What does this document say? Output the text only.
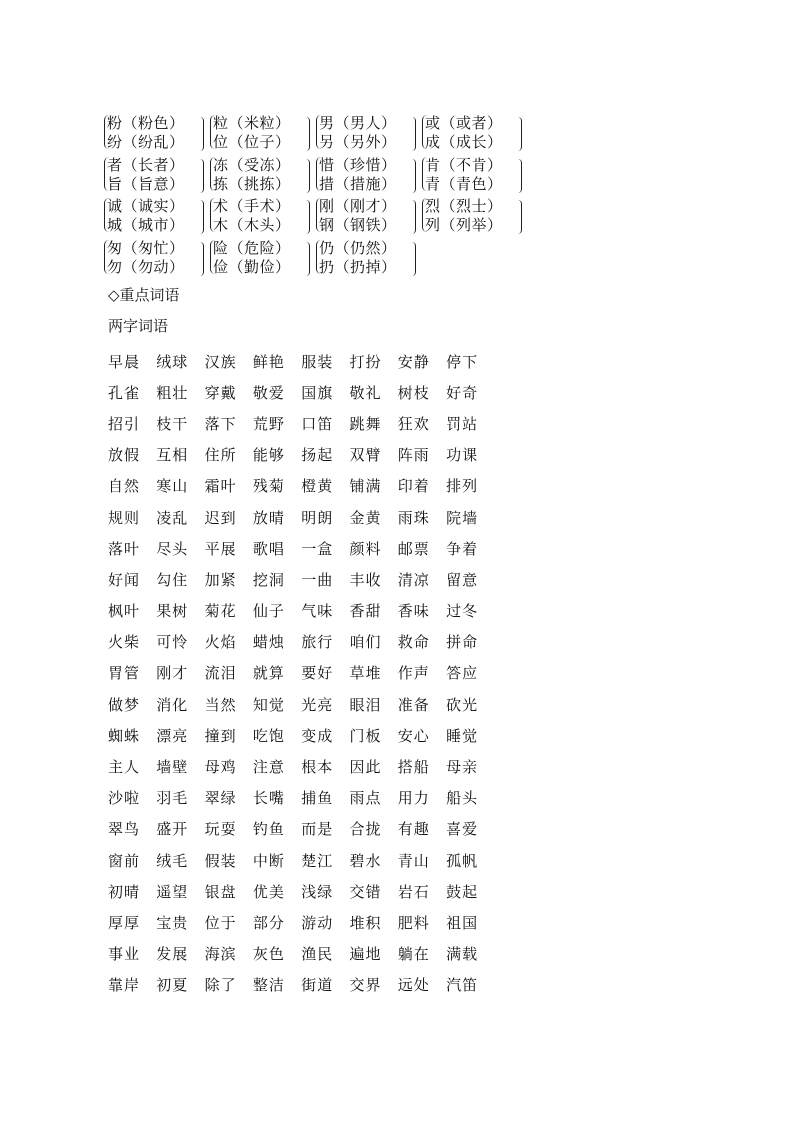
粉（粉色）
纷（纷乱）
粒（米粒）
位（位子）
男（男人）
另（另外）
或（或者）
成（成长）
者（长者）
旨（旨意）
冻（受冻）
拣（挑拣）
惜（珍惜）
措（措施）
肯（不肯）
青（青色）
诚（诚实）
城（城市）
术（手术）
木（木头）
刚（刚才）
钢（钢铁）
烈（烈士）
列（列举）
匆（匆忙）
勿（勿动）
险（危险）
俭（勤俭）
仍（仍然）
扔（扔掉）
◇重点词语
两字词语
早晨	绒球	汉族	鲜艳	服装	打扮	安静	停下
孔雀	粗壮	穿戴	敬爱	国旗	敬礼	树枝	好奇
招引	枝干	落下	荒野	口笛	跳舞	狂欢	罚站
放假	互相	住所	能够	扬起	双臂	阵雨	功课
自然	寒山	霜叶	残菊	橙黄	铺满	印着	排列
规则	凌乱	迟到	放晴	明朗	金黄	雨珠	院墙
落叶	尽头	平展	歌唱	一盒	颜料	邮票	争着
好闻	勾住	加紧	挖洞	一曲	丰收	清凉	留意
枫叶	果树	菊花	仙子	气味	香甜	香味	过冬
火柴	可怜	火焰	蜡烛	旅行	咱们	救命	拼命
胃管	刚才	流泪	就算	要好	草堆	作声	答应
做梦	消化	当然	知觉	光亮	眼泪	准备	砍光
蜘蛛	漂亮	撞到	吃饱	变成	门板	安心	睡觉
主人	墙壁	母鸡	注意	根本	因此	搭船	母亲
沙啦	羽毛	翠绿	长嘴	捕鱼	雨点	用力	船头
翠鸟	盛开	玩耍	钓鱼	而是	合拢	有趣	喜爱
窗前	绒毛	假装	中断	楚江	碧水	青山	孤帆
初晴	遥望	银盘	优美	浅绿	交错	岩石	鼓起
厚厚	宝贵	位于	部分	游动	堆积	肥料	祖国
事业	发展	海滨	灰色	渔民	遍地	躺在	满载
靠岸	初夏	除了	整洁	街道	交界	远处	汽笛
